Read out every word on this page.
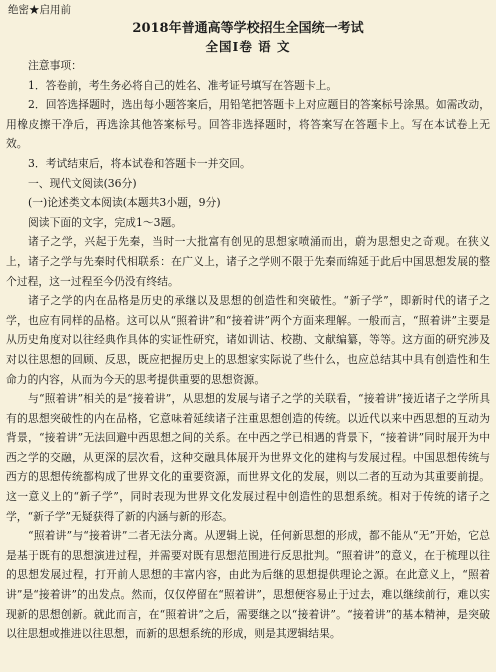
绝密★启用前
2018年普通高等学校招生全国统一考试
全国Ⅰ卷 语 文

注意事项：

1．答卷前，考生务必将自己的姓名、准考证号填写在答题卡上。

2．回答选择题时，选出每小题答案后，用铅笔把答题卡上对应题目的答案标号涂黑。如需改动，用橡皮擦干净后，再选涂其他答案标号。回答非选择题时，将答案写在答题卡上。写在本试卷上无效。

3．考试结束后，将本试卷和答题卡一并交回。

一、现代文阅读(36分)

(一)论述类文本阅读(本题共3小题，9分)

阅读下面的文字，完成1～3题。

诸子之学，兴起于先秦，当时一大批富有创见的思想家喷涌而出，蔚为思想史之奇观。在狭义上，诸子之学与先秦时代相联系：在广义上，诸子之学则不限于先秦而绵延于此后中国思想发展的整个过程，这一过程至今仍没有终结。

诸子之学的内在品格是历史的承继以及思想的创造性和突破性。“新子学”，即新时代的诸子之学，也应有同样的品格。这可以从“照着讲”和“接着讲”两个方面来理解。一般而言，“照着讲”主要是从历史角度对以往经典作具体的实证性研究，诸如训诂、校勘、文献编纂，等等。这方面的研究涉及对以往思想的回顾、反思，既应把握历史上的思想家实际说了些什么，也应总结其中具有创造性和生命力的内容，从而为今天的思考提供重要的思想资源。

与“照着讲”相关的是“接着讲”，从思想的发展与诸子之学的关联看，“接着讲”接近诸子之学所具有的思想突破性的内在品格，它意味着延续诸子注重思想创造的传统。以近代以来中西思想的互动为背景，“接着讲”无法回避中西思想之间的关系。在中西之学已相遇的背景下，“接着讲”同时展开为中西之学的交融，从更深的层次看，这种交融具体展开为世界文化的建构与发展过程。中国思想传统与西方的思想传统都构成了世界文化的重要资源，而世界文化的发展，则以二者的互动为其重要前提。这一意义上的“新子学”，同时表现为世界文化发展过程中创造性的思想系统。相对于传统的诸子之学，“新子学”无疑获得了新的内涵与新的形态。

“照着讲”与“接着讲”二者无法分离。从逻辑上说，任何新思想的形成，都不能从“无”开始，它总是基于既有的思想演进过程，并需要对既有思想范围进行反思批判。“照着讲”的意义，在于梳理以往的思想发展过程，打开前人思想的丰富内容，由此为后继的思想提供理论之源。在此意义上，“照着讲”是“接着讲”的出发点。然而，仅仅停留在“照着讲”，思想便容易止于过去，难以继续前行，难以实现新的思想创新。就此而言，在“照着讲”之后，需要继之以“接着讲”。“接着讲”的基本精神，是突破以往思想或推进以往思想，而新的思想系统的形成，则是其逻辑结果。
